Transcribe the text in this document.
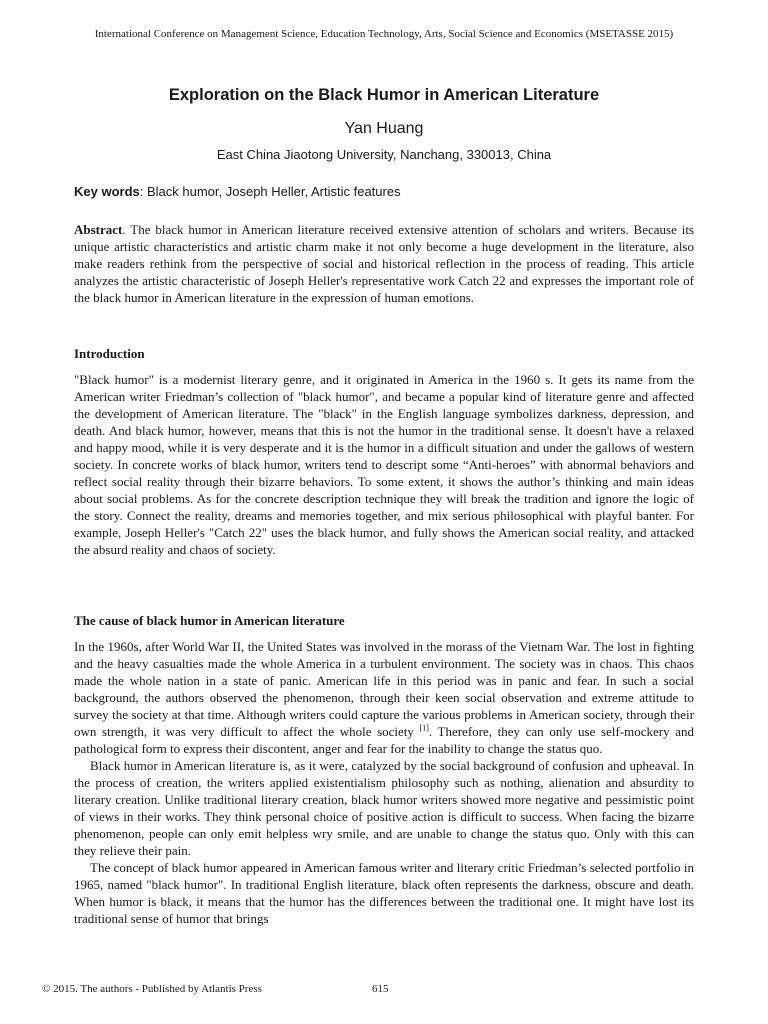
International Conference on Management Science, Education Technology, Arts, Social Science and Economics (MSETASSE 2015)
Exploration on the Black Humor in American Literature
Yan Huang
East China Jiaotong University, Nanchang, 330013, China
Key words: Black humor, Joseph Heller, Artistic features

Abstract. The black humor in American literature received extensive attention of scholars and writers. Because its unique artistic characteristics and artistic charm make it not only become a huge development in the literature, also make readers rethink from the perspective of social and historical reflection in the process of reading. This article analyzes the artistic characteristic of Joseph Heller's representative work Catch 22 and expresses the important role of the black humor in American literature in the expression of human emotions.

Introduction

"Black humor" is a modernist literary genre, and it originated in America in the 1960 s. It gets its name from the American writer Friedman’s collection of "black humor", and became a popular kind of literature genre and affected the development of American literature. The "black" in the English language symbolizes darkness, depression, and death. And black humor, however, means that this is not the humor in the traditional sense. It doesn't have a relaxed and happy mood, while it is very desperate and it is the humor in a difficult situation and under the gallows of western society. In concrete works of black humor, writers tend to descript some “Anti-heroes” with abnormal behaviors and reflect social reality through their bizarre behaviors. To some extent, it shows the author’s thinking and main ideas about social problems. As for the concrete description technique they will break the tradition and ignore the logic of the story. Connect the reality, dreams and memories together, and mix serious philosophical with playful banter. For example, Joseph Heller's "Catch 22" uses the black humor, and fully shows the American social reality, and attacked the absurd reality and chaos of society.

The cause of black humor in American literature

In the 1960s, after World War II, the United States was involved in the morass of the Vietnam War. The lost in fighting and the heavy casualties made the whole America in a turbulent environment. The society was in chaos. This chaos made the whole nation in a state of panic. American life in this period was in panic and fear. In such a social background, the authors observed the phenomenon, through their keen social observation and extreme attitude to survey the society at that time. Although writers could capture the various problems in American society, through their own strength, it was very difficult to affect the whole society [1]. Therefore, they can only use self-mockery and pathological form to express their discontent, anger and fear for the inability to change the status quo.

Black humor in American literature is, as it were, catalyzed by the social background of confusion and upheaval. In the process of creation, the writers applied existentialism philosophy such as nothing, alienation and absurdity to literary creation. Unlike traditional literary creation, black humor writers showed more negative and pessimistic point of views in their works. They think personal choice of positive action is difficult to success. When facing the bizarre phenomenon, people can only emit helpless wry smile, and are unable to change the status quo. Only with this can they relieve their pain.

The concept of black humor appeared in American famous writer and literary critic Friedman’s selected portfolio in 1965, named "black humor". In traditional English literature, black often represents the darkness, obscure and death. When humor is black, it means that the humor has the differences between the traditional one. It might have lost its traditional sense of humor that brings

© 2015. The authors - Published by Atlantis Press	615
